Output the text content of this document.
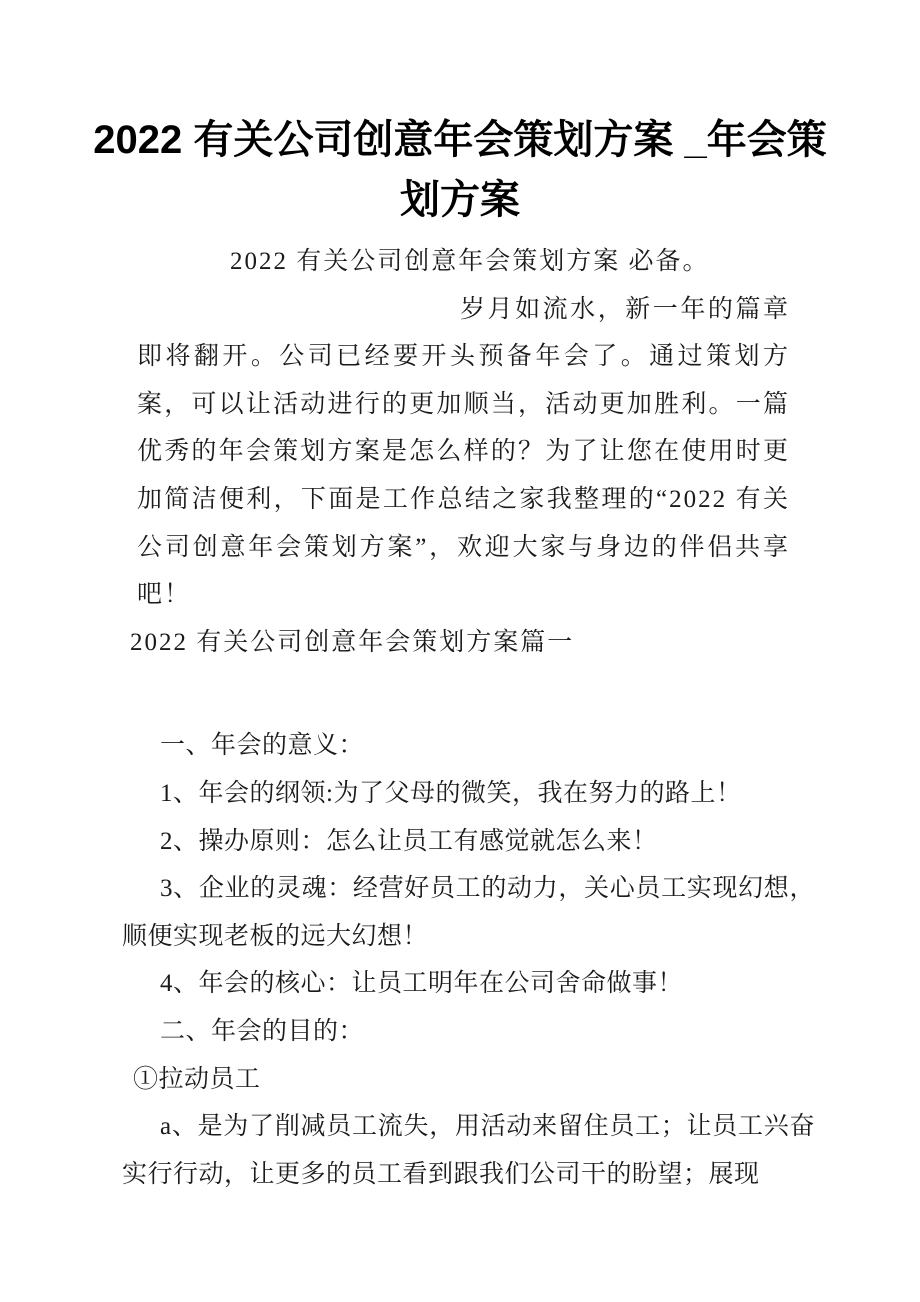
2022 有关公司创意年会策划方案 _年会策划方案

2022 有关公司创意年会策划方案 必备。

岁月如流水，新一年的篇章即将翻开。公司已经要开头预备年会了。通过策划方案，可以让活动进行的更加顺当，活动更加胜利。一篇优秀的年会策划方案是怎么样的？为了让您在使用时更加简洁便利，下面是工作总结之家我整理的“2022 有关公司创意年会策划方案”，欢迎大家与身边的伴侣共享吧！

2022 有关公司创意年会策划方案篇一

一、年会的意义：

1、年会的纲领:为了父母的微笑，我在努力的路上！

2、操办原则：怎么让员工有感觉就怎么来！

3、企业的灵魂：经营好员工的动力，关心员工实现幻想，顺便实现老板的远大幻想！

4、年会的核心：让员工明年在公司舍命做事！

二、年会的目的：

①拉动员工

a、是为了削减员工流失，用活动来留住员工；让员工兴奋实行行动，让更多的员工看到跟我们公司干的盼望；展现
